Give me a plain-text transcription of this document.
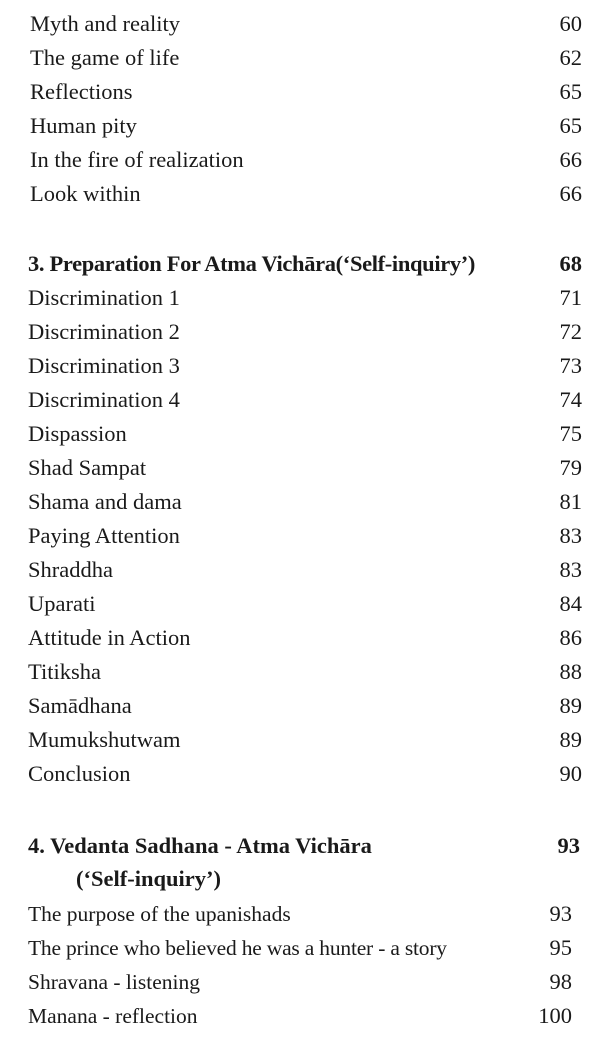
Myth and reality	60
The game of life	62
Reflections	65
Human pity	65
In the fire of realization	66
Look within	66
3. Preparation For Atma Vichāra(‘Self-inquiry’)	68
Discrimination 1	71
Discrimination 2	72
Discrimination 3	73
Discrimination 4	74
Dispassion	75
Shad Sampat	79
Shama and dama	81
Paying Attention	83
Shraddha	83
Uparati	84
Attitude in Action	86
Titiksha	88
Samādhana	89
Mumukshutwam	89
Conclusion	90
4. Vedanta Sadhana - Atma Vichāra	93
(‘Self-inquiry’)
The purpose of the upanishads	93
The prince who believed he was a hunter - a story	95
Shravana - listening	98
Manana - reflection	100
